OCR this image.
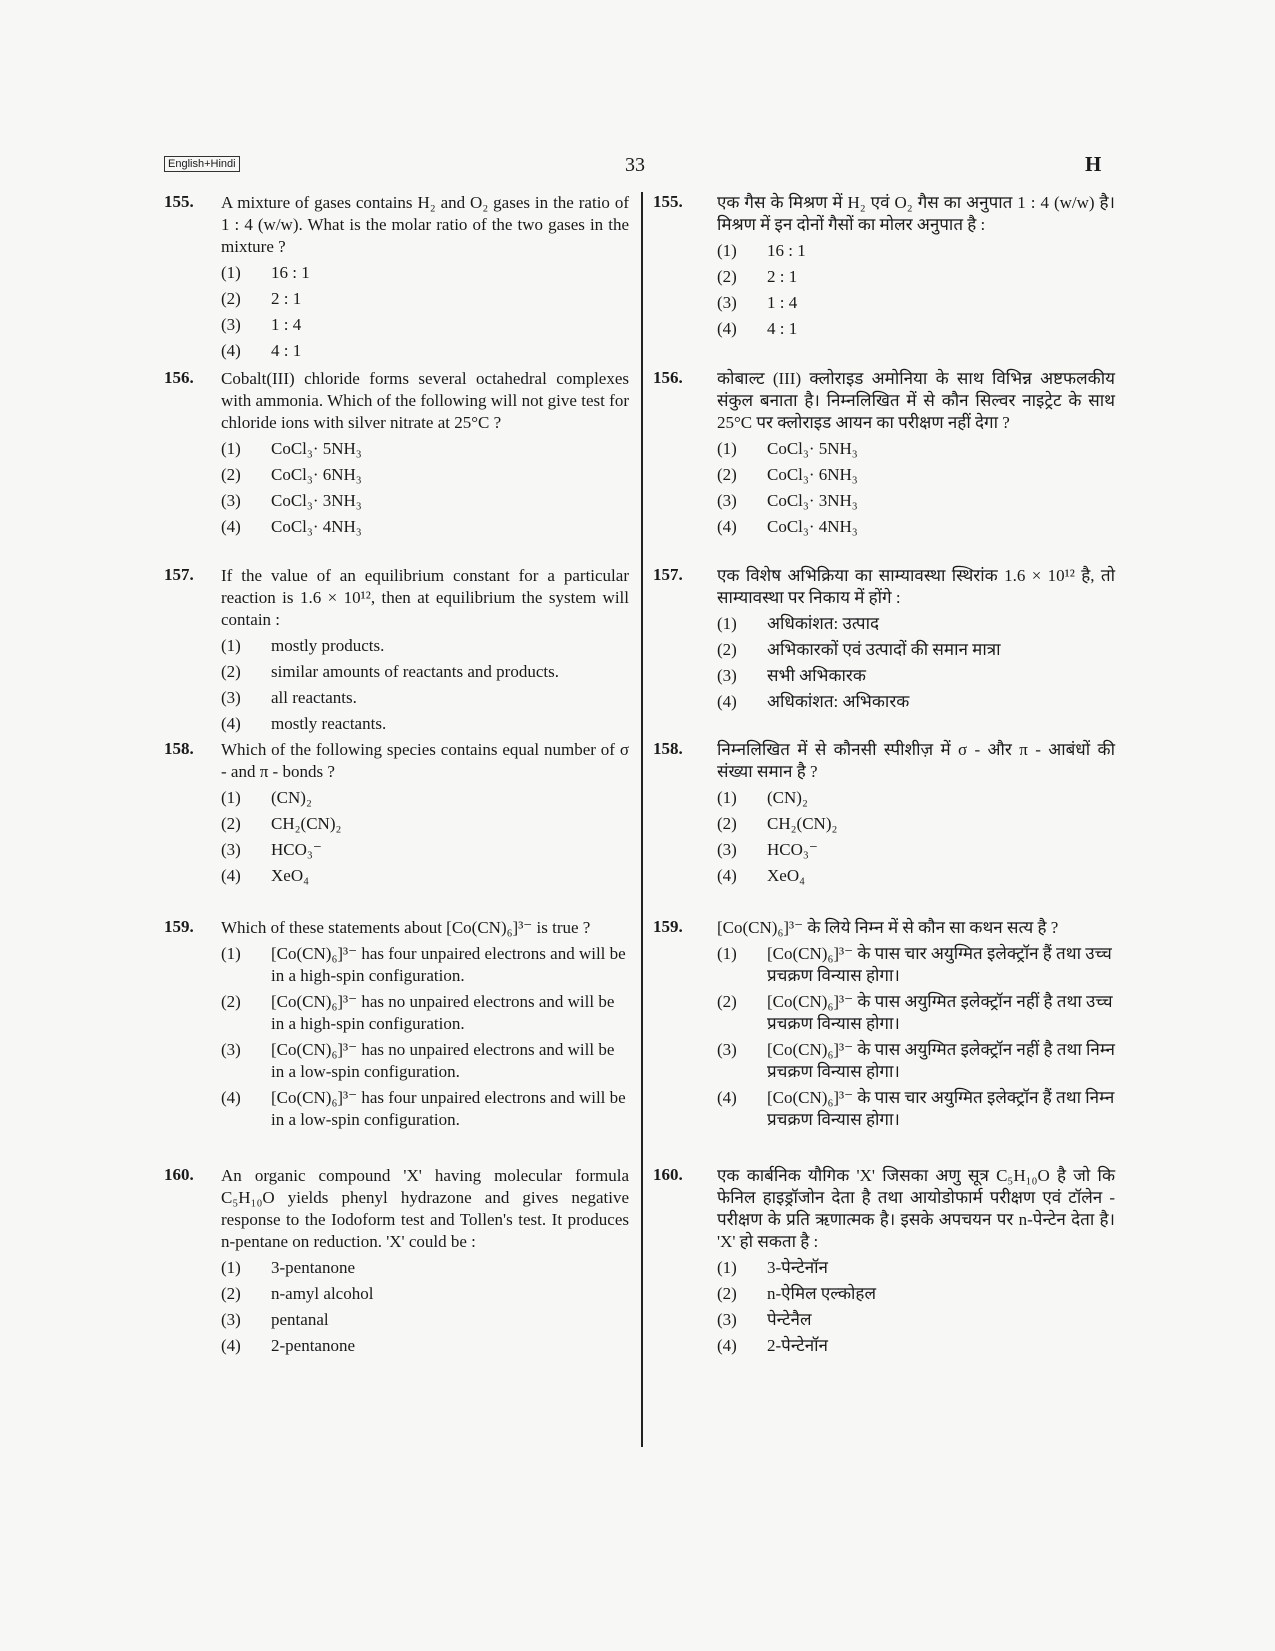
English+Hindi	33	H
155. A mixture of gases contains H₂ and O₂ gases in the ratio of 1 : 4 (w/w). What is the molar ratio of the two gases in the mixture ?
(1) 16 : 1
(2) 2 : 1
(3) 1 : 4
(4) 4 : 1
156. Cobalt(III) chloride forms several octahedral complexes with ammonia. Which of the following will not give test for chloride ions with silver nitrate at 25°C ?
(1) CoCl₃· 5NH₃
(2) CoCl₃· 6NH₃
(3) CoCl₃· 3NH₃
(4) CoCl₃· 4NH₃
157. If the value of an equilibrium constant for a particular reaction is 1.6 × 10¹², then at equilibrium the system will contain :
(1) mostly products.
(2) similar amounts of reactants and products.
(3) all reactants.
(4) mostly reactants.
158. Which of the following species contains equal number of σ - and π - bonds ?
(1) (CN)₂
(2) CH₂(CN)₂
(3) HCO₃⁻
(4) XeO₄
159. Which of these statements about [Co(CN)₆]³⁻ is true ?
(1) [Co(CN)₆]³⁻ has four unpaired electrons and will be in a high-spin configuration.
(2) [Co(CN)₆]³⁻ has no unpaired electrons and will be in a high-spin configuration.
(3) [Co(CN)₆]³⁻ has no unpaired electrons and will be in a low-spin configuration.
(4) [Co(CN)₆]³⁻ has four unpaired electrons and will be in a low-spin configuration.
160. An organic compound 'X' having molecular formula C₅H₁₀O yields phenyl hydrazone and gives negative response to the Iodoform test and Tollen's test. It produces n-pentane on reduction. 'X' could be :
(1) 3-pentanone
(2) n-amyl alcohol
(3) pentanal
(4) 2-pentanone
155. एक गैस के मिश्रण में H₂ एवं O₂ गैस का अनुपात 1 : 4 (w/w) है। मिश्रण में इन दोनों गैसों का मोलर अनुपात है :
(1) 16 : 1
(2) 2 : 1
(3) 1 : 4
(4) 4 : 1
156. कोबाल्ट (III) क्लोराइड अमोनिया के साथ विभिन्न अष्टफलकीय संकुल बनाता है। निम्नलिखित में से कौन सिल्वर नाइट्रेट के साथ 25°C पर क्लोराइड आयन का परीक्षण नहीं देगा ?
(1) CoCl₃· 5NH₃
(2) CoCl₃· 6NH₃
(3) CoCl₃· 3NH₃
(4) CoCl₃· 4NH₃
157. एक विशेष अभिक्रिया का साम्यावस्था स्थिरांक 1.6 × 10¹² है, तो साम्यावस्था पर निकाय में होंगे :
(1) अधिकांशत: उत्पाद
(2) अभिकारकों एवं उत्पादों की समान मात्रा
(3) सभी अभिकारक
(4) अधिकांशत: अभिकारक
158. निम्नलिखित में से कौनसी स्पीशीज़ में σ - और π - आबंधों की संख्या समान है ?
(1) (CN)₂
(2) CH₂(CN)₂
(3) HCO₃⁻
(4) XeO₄
159. [Co(CN)₆]³⁻ के लिये निम्न में से कौन सा कथन सत्य है ?
(1) [Co(CN)₆]³⁻ के पास चार अयुग्मित इलेक्ट्रॉन हैं तथा उच्च प्रचक्रण विन्यास होगा।
(2) [Co(CN)₆]³⁻ के पास अयुग्मित इलेक्ट्रॉन नहीं है तथा उच्च प्रचक्रण विन्यास होगा।
(3) [Co(CN)₆]³⁻ के पास अयुग्मित इलेक्ट्रॉन नहीं है तथा निम्न प्रचक्रण विन्यास होगा।
(4) [Co(CN)₆]³⁻ के पास चार अयुग्मित इलेक्ट्रॉन हैं तथा निम्न प्रचक्रण विन्यास होगा।
160. एक कार्बनिक यौगिक 'X' जिसका अणु सूत्र C₅H₁₀O है जो कि फेनिल हाइड्रॉजोन देता है तथा आयोडोफार्म परीक्षण एवं टॉलेन - परीक्षण के प्रति ऋणात्मक है। इसके अपचयन पर n-पेन्टेन देता है। 'X' हो सकता है :
(1) 3-पेन्टेनॉन
(2) n-ऐमिल एल्कोहल
(3) पेन्टेनैल
(4) 2-पेन्टेनॉन
